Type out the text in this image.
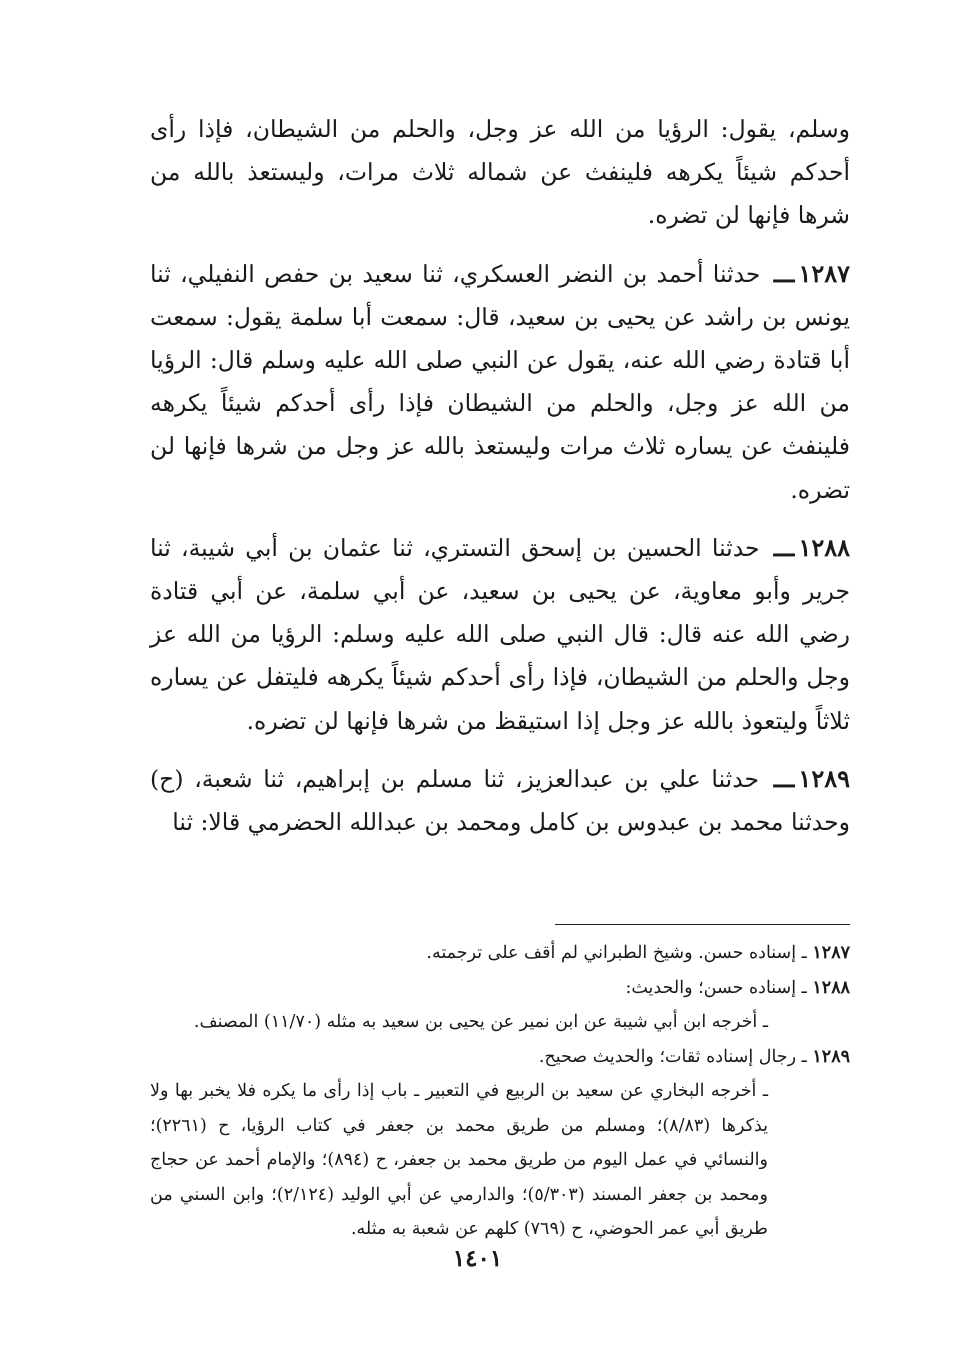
وسلم، يقول: الرؤيا من الله عز وجل، والحلم من الشيطان، فإذا رأى أحدكم شيئاً يكرهه فلينفث عن شماله ثلاث مرات، وليستعذ بالله من شرها فإنها لن تضره.

١٢٨٧ـــ حدثنا أحمد بن النضر العسكري، ثنا سعيد بن حفص النفيلي، ثنا يونس بن راشد عن يحيى بن سعيد، قال: سمعت أبا سلمة يقول: سمعت أبا قتادة رضي الله عنه، يقول عن النبي صلى الله عليه وسلم قال: الرؤيا من الله عز وجل، والحلم من الشيطان فإذا رأى أحدكم شيئاً يكرهه فلينفث عن يساره ثلاث مرات وليستعذ بالله عز وجل من شرها فإنها لن تضره.

١٢٨٨ـــ حدثنا الحسين بن إسحق التستري، ثنا عثمان بن أبي شيبة، ثنا جرير وأبو معاوية، عن يحيى بن سعيد، عن أبي سلمة، عن أبي قتادة رضي الله عنه قال: قال النبي صلى الله عليه وسلم: الرؤيا من الله عز وجل والحلم من الشيطان، فإذا رأى أحدكم شيئاً يكرهه فليتفل عن يساره ثلاثاً وليتعوذ بالله عز وجل إذا استيقظ من شرها فإنها لن تضره.

١٢٨٩ـــ حدثنا علي بن عبدالعزيز، ثنا مسلم بن إبراهيم، ثنا شعبة، (ح) وحدثنا محمد بن عبدوس بن كامل ومحمد بن عبدالله الحضرمي قالا: ثنا

١٢٨٧ ـ إسناده حسن. وشيخ الطبراني لم أقف على ترجمته.

١٢٨٨ ـ إسناده حسن؛ والحديث:

ـ أخرجه ابن أبي شيبة عن ابن نمير عن يحيى بن سعيد به مثله (١١/٧٠) المصنف.

١٢٨٩ ـ رجال إسناده ثقات؛ والحديث صحيح.

ـ أخرجه البخاري عن سعيد بن الربيع في التعبير ـ باب إذا رأى ما يكره فلا يخبر بها ولا يذكرها (٨/٨٣)؛ ومسلم من طريق محمد بن جعفر في كتاب الرؤيا، ح (٢٢٦١)؛ والنسائي في عمل اليوم من طريق محمد بن جعفر، ح (٨٩٤)؛ والإمام أحمد عن حجاج ومحمد بن جعفر المسند (٥/٣٠٣)؛ والدارمي عن أبي الوليد (٢/١٢٤)؛ وابن السني من طريق أبي عمر الحوضي، ح (٧٦٩) كلهم عن شعبة به مثله.

١٤٠١
